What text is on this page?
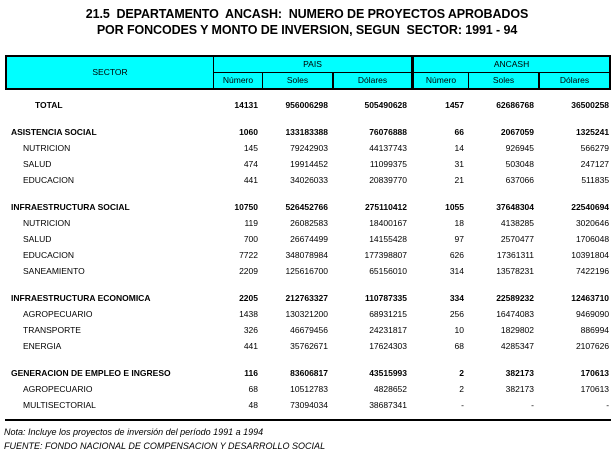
21.5  DEPARTAMENTO  ANCASH:  NUMERO DE PROYECTOS APROBADOS
POR FONCODES Y MONTO DE INVERSION, SEGUN  SECTOR: 1991 - 94
SECTOR	PAIS			ANCASH		
	Número	Soles	Dólares	Número	Soles	Dólares
TOTAL	14131	956006298	505490628	1457	62686768	36500258

ASISTENCIA SOCIAL	1060	133183388	76076888	66	2067059	1325241
NUTRICION	145	79242903	44137743	14	926945	566279
SALUD	474	19914452	11099375	31	503048	247127
EDUCACION	441	34026033	20839770	21	637066	511835

INFRAESTRUCTURA SOCIAL	10750	526452766	275110412	1055	37648304	22540694
NUTRICION	119	26082583	18400167	18	4138285	3020646
SALUD	700	26674499	14155428	97	2570477	1706048
EDUCACION	7722	348078984	177398807	626	17361311	10391804
SANEAMIENTO	2209	125616700	65156010	314	13578231	7422196

INFRAESTRUCTURA ECONOMICA	2205	212763327	110787335	334	22589232	12463710
AGROPECUARIO	1438	130321200	68931215	256	16474083	9469090
TRANSPORTE	326	46679456	24231817	10	1829802	886994
ENERGIA	441	35762671	17624303	68	4285347	2107626

GENERACION DE EMPLEO E INGRESO	116	83606817	43515993	2	382173	170613
AGROPECUARIO	68	10512783	4828652	2	382173	170613
MULTISECTORIAL	48	73094034	38687341	-	-	-
Nota: Incluye los proyectos de inversión del período 1991 a 1994
FUENTE: FONDO NACIONAL DE COMPENSACION Y DESARROLLO SOCIAL
